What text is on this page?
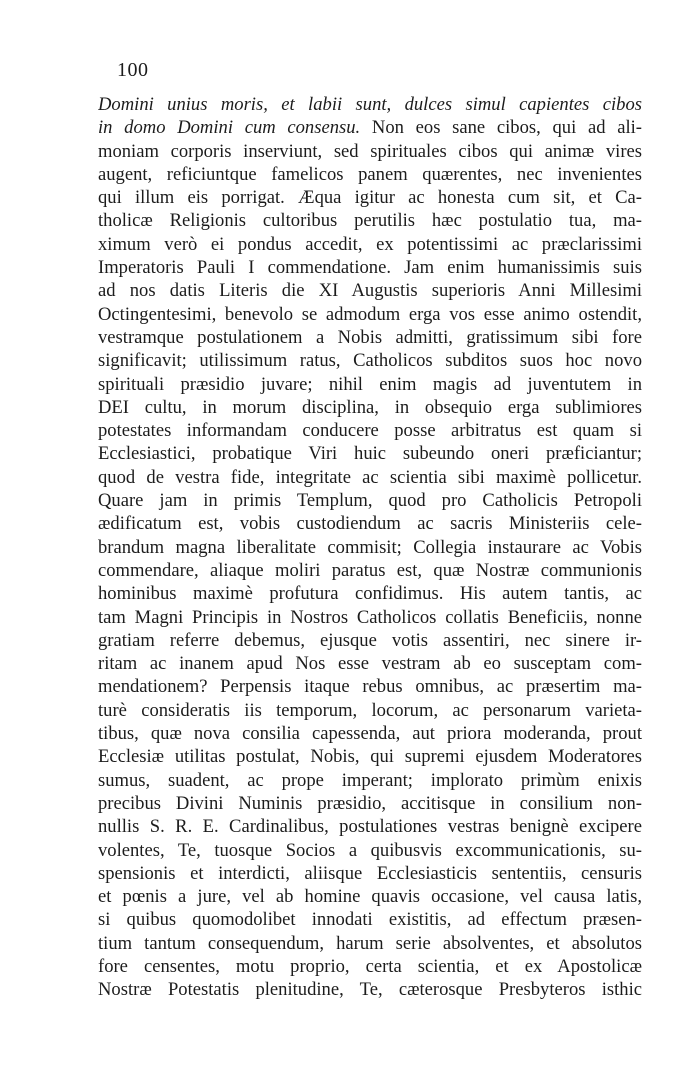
100
Domini unius moris, et labii sunt, dulces simul capientes cibos
in domo Domini cum consensu. Non eos sane cibos, qui ad ali-
moniam corporis inserviunt, sed spirituales cibos qui animæ vires
augent, reficiuntque famelicos panem quærentes, nec invenientes
qui illum eis porrigat. Æqua igitur ac honesta cum sit, et Ca-
tholicæ Religionis cultoribus perutilis hæc postulatio tua, ma-
ximum verò ei pondus accedit, ex potentissimi ac præclarissimi
Imperatoris Pauli I commendatione. Jam enim humanissimis suis
ad nos datis Literis die XI Augustis superioris Anni Millesimi
Octingentesimi, benevolo se admodum erga vos esse animo ostendit,
vestramque postulationem a Nobis admitti, gratissimum sibi fore
significavit; utilissimum ratus, Catholicos subditos suos hoc novo
spirituali præsidio juvare; nihil enim magis ad juventutem in
DEI cultu, in morum disciplina, in obsequio erga sublimiores
potestates informandam conducere posse arbitratus est quam si
Ecclesiastici, probatique Viri huic subeundo oneri præficiantur;
quod de vestra fide, integritate ac scientia sibi maximè pollicetur.
Quare jam in primis Templum, quod pro Catholicis Petropoli
ædificatum est, vobis custodiendum ac sacris Ministeriis cele-
brandum magna liberalitate commisit; Collegia instaurare ac Vobis
commendare, aliaque moliri paratus est, quæ Nostræ communionis
hominibus maximè profutura confidimus. His autem tantis, ac
tam Magni Principis in Nostros Catholicos collatis Beneficiis, nonne
gratiam referre debemus, ejusque votis assentiri, nec sinere ir-
ritam ac inanem apud Nos esse vestram ab eo susceptam com-
mendationem? Perpensis itaque rebus omnibus, ac præsertim ma-
turè consideratis iis temporum, locorum, ac personarum varieta-
tibus, quæ nova consilia capessenda, aut priora moderanda, prout
Ecclesiæ utilitas postulat, Nobis, qui supremi ejusdem Moderatores
sumus, suadent, ac prope imperant; implorato primùm enixis
precibus Divini Numinis præsidio, accitisque in consilium non-
nullis S. R. E. Cardinalibus, postulationes vestras benignè excipere
volentes, Te, tuosque Socios a quibusvis excommunicationis, su-
spensionis et interdicti, aliisque Ecclesiasticis sententiis, censuris
et pœnis a jure, vel ab homine quavis occasione, vel causa latis,
si quibus quomodolibet innodati existitis, ad effectum præsen-
tium tantum consequendum, harum serie absolventes, et absolutos
fore censentes, motu proprio, certa scientia, et ex Apostolicæ
Nostræ Potestatis plenitudine, Te, cæterosque Presbyteros isthic
